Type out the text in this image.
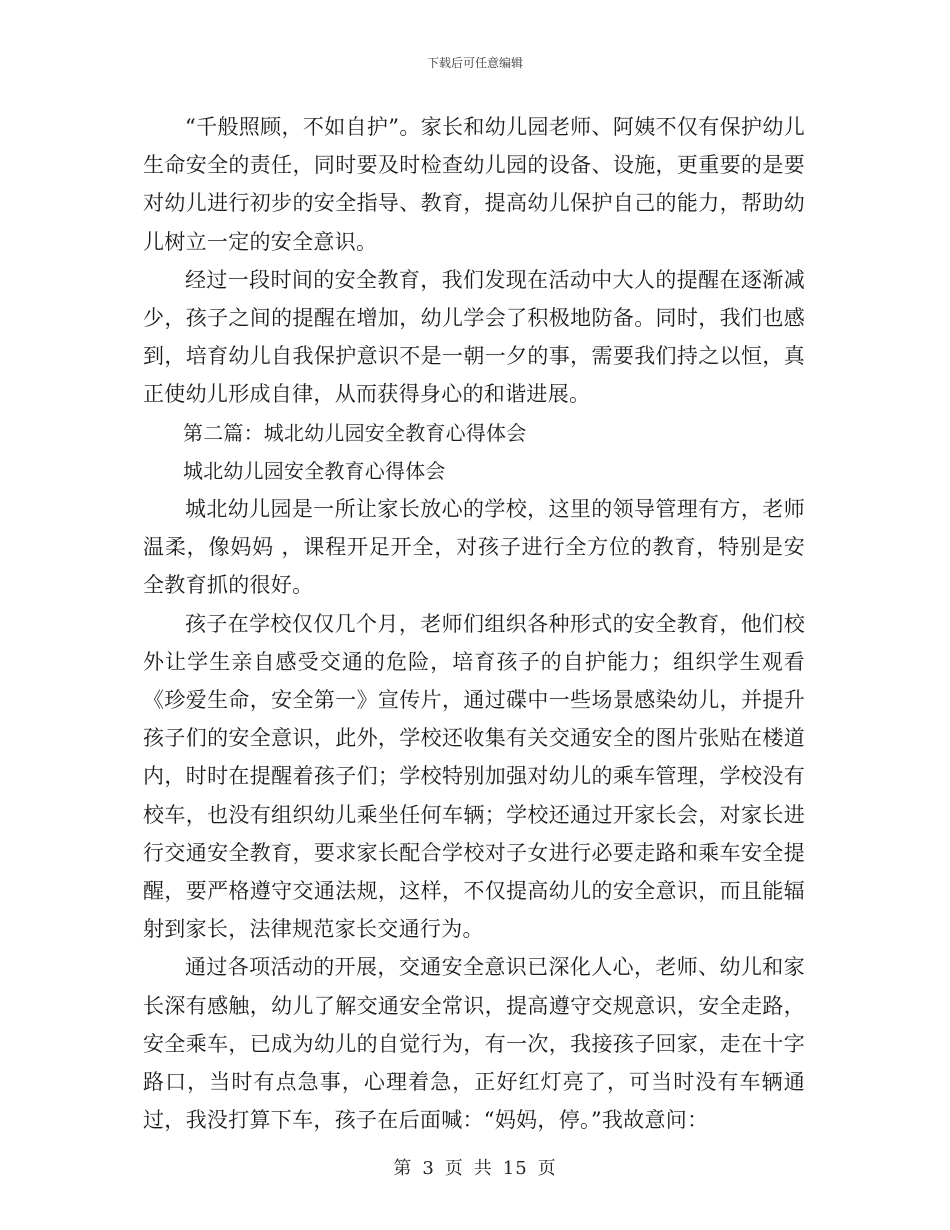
下载后可任意编辑

“千般照顾，不如自护”。家长和幼儿园老师、阿姨不仅有保护幼儿生命安全的责任，同时要及时检查幼儿园的设备、设施，更重要的是要对幼儿进行初步的安全指导、教育，提高幼儿保护自己的能力，帮助幼儿树立一定的安全意识。

经过一段时间的安全教育，我们发现在活动中大人的提醒在逐渐减少，孩子之间的提醒在增加，幼儿学会了积极地防备。同时，我们也感到，培育幼儿自我保护意识不是一朝一夕的事，需要我们持之以恒，真正使幼儿形成自律，从而获得身心的和谐进展。

第二篇：城北幼儿园安全教育心得体会

城北幼儿园安全教育心得体会

城北幼儿园是一所让家长放心的学校，这里的领导管理有方，老师温柔，像妈妈 ，课程开足开全，对孩子进行全方位的教育，特别是安全教育抓的很好。

孩子在学校仅仅几个月，老师们组织各种形式的安全教育，他们校外让学生亲自感受交通的危险，培育孩子的自护能力；组织学生观看《珍爱生命，安全第一》宣传片，通过碟中一些场景感染幼儿，并提升孩子们的安全意识，此外，学校还收集有关交通安全的图片张贴在楼道内，时时在提醒着孩子们；学校特别加强对幼儿的乘车管理，学校没有校车，也没有组织幼儿乘坐任何车辆；学校还通过开家长会，对家长进行交通安全教育，要求家长配合学校对子女进行必要走路和乘车安全提醒，要严格遵守交通法规，这样，不仅提高幼儿的安全意识，而且能辐射到家长，法律规范家长交通行为。

通过各项活动的开展，交通安全意识已深化人心，老师、幼儿和家长深有感触，幼儿了解交通安全常识，提高遵守交规意识，安全走路，安全乘车，已成为幼儿的自觉行为，有一次，我接孩子回家，走在十字路口，当时有点急事，心理着急，正好红灯亮了，可当时没有车辆通过，我没打算下车，孩子在后面喊：“妈妈，停。”我故意问：

第 3 页 共 15 页
